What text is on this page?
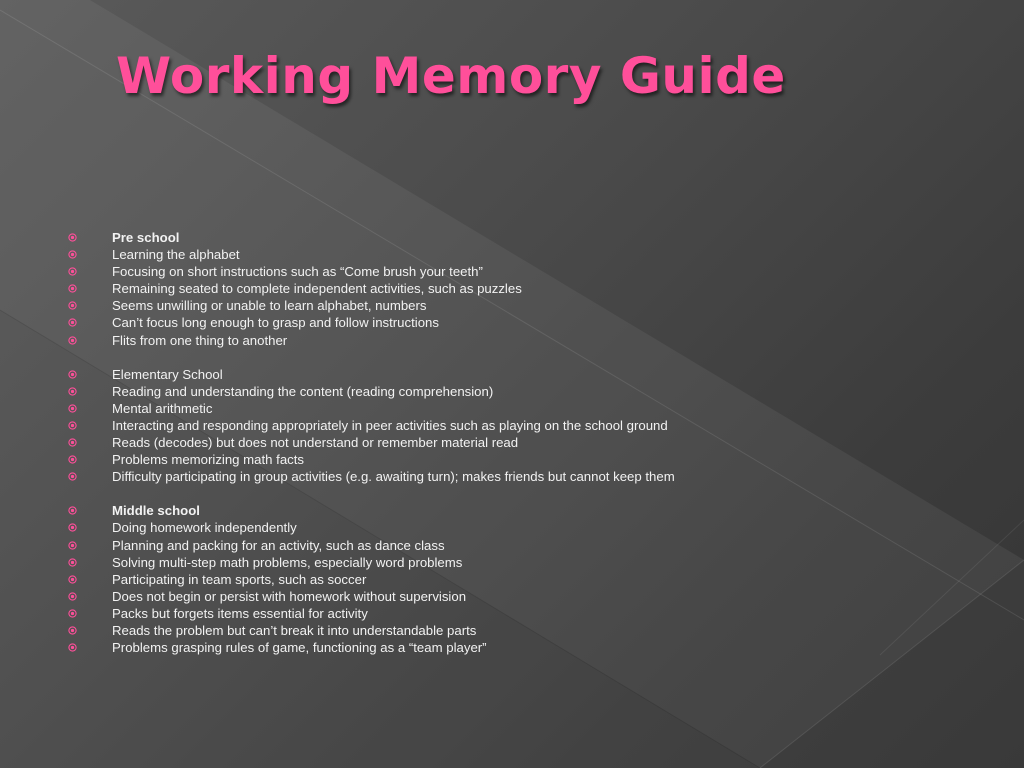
Working Memory Guide
Pre school
Learning the alphabet
Focusing on short instructions such as “Come brush your teeth”
Remaining seated to complete independent activities, such as puzzles
Seems unwilling or unable to learn alphabet, numbers
Can’t focus long enough to grasp and follow instructions
Flits from one thing to another
Elementary School
Reading and understanding the content (reading comprehension)
Mental arithmetic
Interacting and responding appropriately in peer activities such as playing on the school ground
Reads (decodes) but does not understand or remember material read
Problems memorizing math facts
Difficulty participating in group activities (e.g. awaiting turn); makes friends but cannot keep them
Middle school
Doing homework independently
Planning and packing for an activity, such as dance class
Solving multi-step math problems, especially word problems
Participating in team sports, such as soccer
Does not begin or persist with homework without supervision
Packs but forgets items essential for activity
Reads the problem but can’t break it into understandable parts
Problems grasping rules of game, functioning as a “team player”
